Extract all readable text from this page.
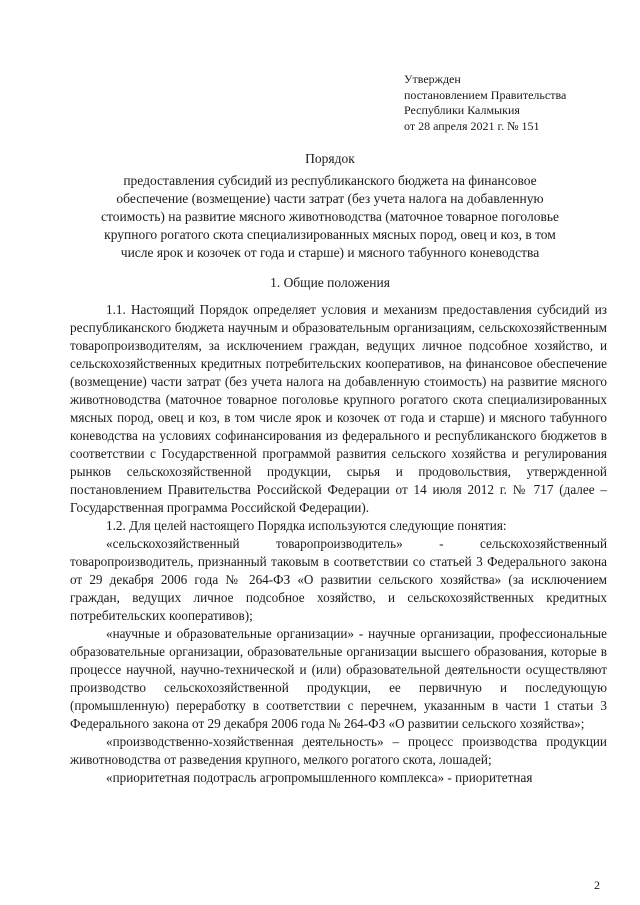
Утвержден
постановлением Правительства
Республики Калмыкия
от 28 апреля 2021 г. № 151
Порядок
предоставления субсидий из республиканского бюджета на финансовое
обеспечение (возмещение) части затрат (без учета налога на добавленную
стоимость) на развитие мясного животноводства (маточное товарное поголовье
крупного рогатого скота специализированных мясных пород, овец и коз, в том
числе ярок и козочек от года и старше) и мясного табунного коневодства
1. Общие положения

1.1. Настоящий Порядок определяет условия и механизм предоставления субсидий из республиканского бюджета научным и образовательным организациям, сельскохозяйственным товаропроизводителям, за исключением граждан, ведущих личное подсобное хозяйство, и сельскохозяйственных кредитных потребительских кооперативов, на финансовое обеспечение (возмещение) части затрат (без учета налога на добавленную стоимость) на развитие мясного животноводства (маточное товарное поголовье крупного рогатого скота специализированных мясных пород, овец и коз, в том числе ярок и козочек от года и старше) и мясного табунного коневодства на условиях софинансирования из федерального и республиканского бюджетов в соответствии с Государственной программой развития сельского хозяйства и регулирования рынков сельскохозяйственной продукции, сырья и продовольствия, утвержденной постановлением Правительства Российской Федерации от 14 июля 2012 г. № 717 (далее – Государственная программа Российской Федерации).

1.2. Для целей настоящего Порядка используются следующие понятия:

«сельскохозяйственный товаропроизводитель» - сельскохозяйственный товаропроизводитель, признанный таковым в соответствии со статьей 3 Федерального закона от 29 декабря 2006 года № 264-ФЗ «О развитии сельского хозяйства» (за исключением граждан, ведущих личное подсобное хозяйство, и сельскохозяйственных кредитных потребительских кооперативов);

«научные и образовательные организации» - научные организации, профессиональные образовательные организации, образовательные организации высшего образования, которые в процессе научной, научно-технической и (или) образовательной деятельности осуществляют производство сельскохозяйственной продукции, ее первичную и последующую (промышленную) переработку в соответствии с перечнем, указанным в части 1 статьи 3 Федерального закона от 29 декабря 2006 года № 264-ФЗ «О развитии сельского хозяйства»;

«производственно-хозяйственная деятельность» – процесс производства продукции животноводства от разведения крупного, мелкого рогатого скота, лошадей;

«приоритетная подотрасль агропромышленного комплекса» - приоритетная

2
